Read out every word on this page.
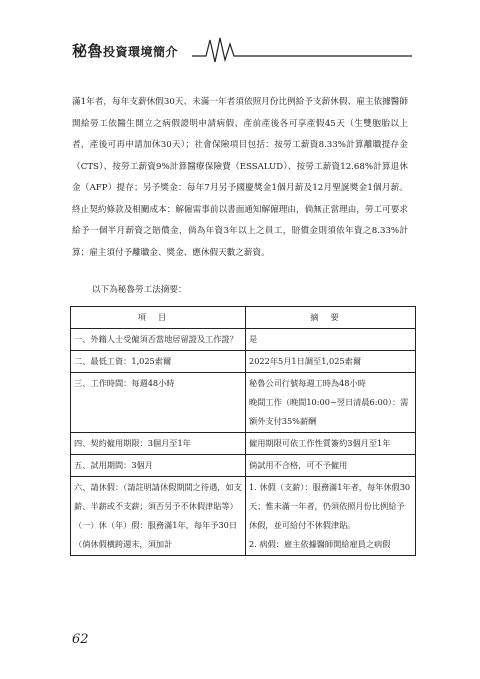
秘魯投資環境簡介
滿1年者，每年支薪休假30天、未滿一年者須依照月份比例給予支薪休假、雇主依據醫師開給勞工依醫生開立之病假證明申請病假、產前產後各可享產假45天（生雙胞胎以上者，產後可再申請加休30天）；社會保險項目包括：按勞工薪資8.33%計算離職提存金（CTS）、按勞工薪資9%計算醫療保險費（ESSALUD）、按勞工薪資12.68%計算退休金（AFP）提存；另予獎金：每年7月另予國慶獎金1個月薪及12月聖誕獎金1個月薪。終止契約條款及相關成本：解僱需事前以書面通知解僱理由，倘無正當理由，勞工可要求給予一個半月薪資之賠償金，倘為年資3年以上之員工，賠償金則須依年資之8.33%計算；雇主須付予離職金、獎金、應休假天數之薪資。
以下為秘魯勞工法摘要：
項目	摘要
一、外籍人士受僱須否當地居留證及工作證？	是
二、最低工資：1,025索爾	2022年5月1日調至1,025索爾
三、工作時間：每週48小時	秘魯公司行號每週工時為48小時
晚間工作（晚間10:00~翌日清晨6:00）：需額外支付35%薪酬
四、契約僱用期限：3個月至1年	僱用期限可依工作性質簽約3個月至1年
五、試用期間：3個月	倘試用不合格，可不予僱用
六、請休假：（請註明請休假期間之待遇，如支薪、半薪或不支薪；須否另予不休假津貼等）
（一）休（年）假：服務滿1年，每年予30日（倘休假橫跨週末，須加計	1. 休假（支薪）：服務滿1年者，每年休假30天；惟未滿一年者，仍須依照月份比例給予休假，並可給付不休假津貼。
2. 病假：雇主依據醫師開給雇員之病假
62
